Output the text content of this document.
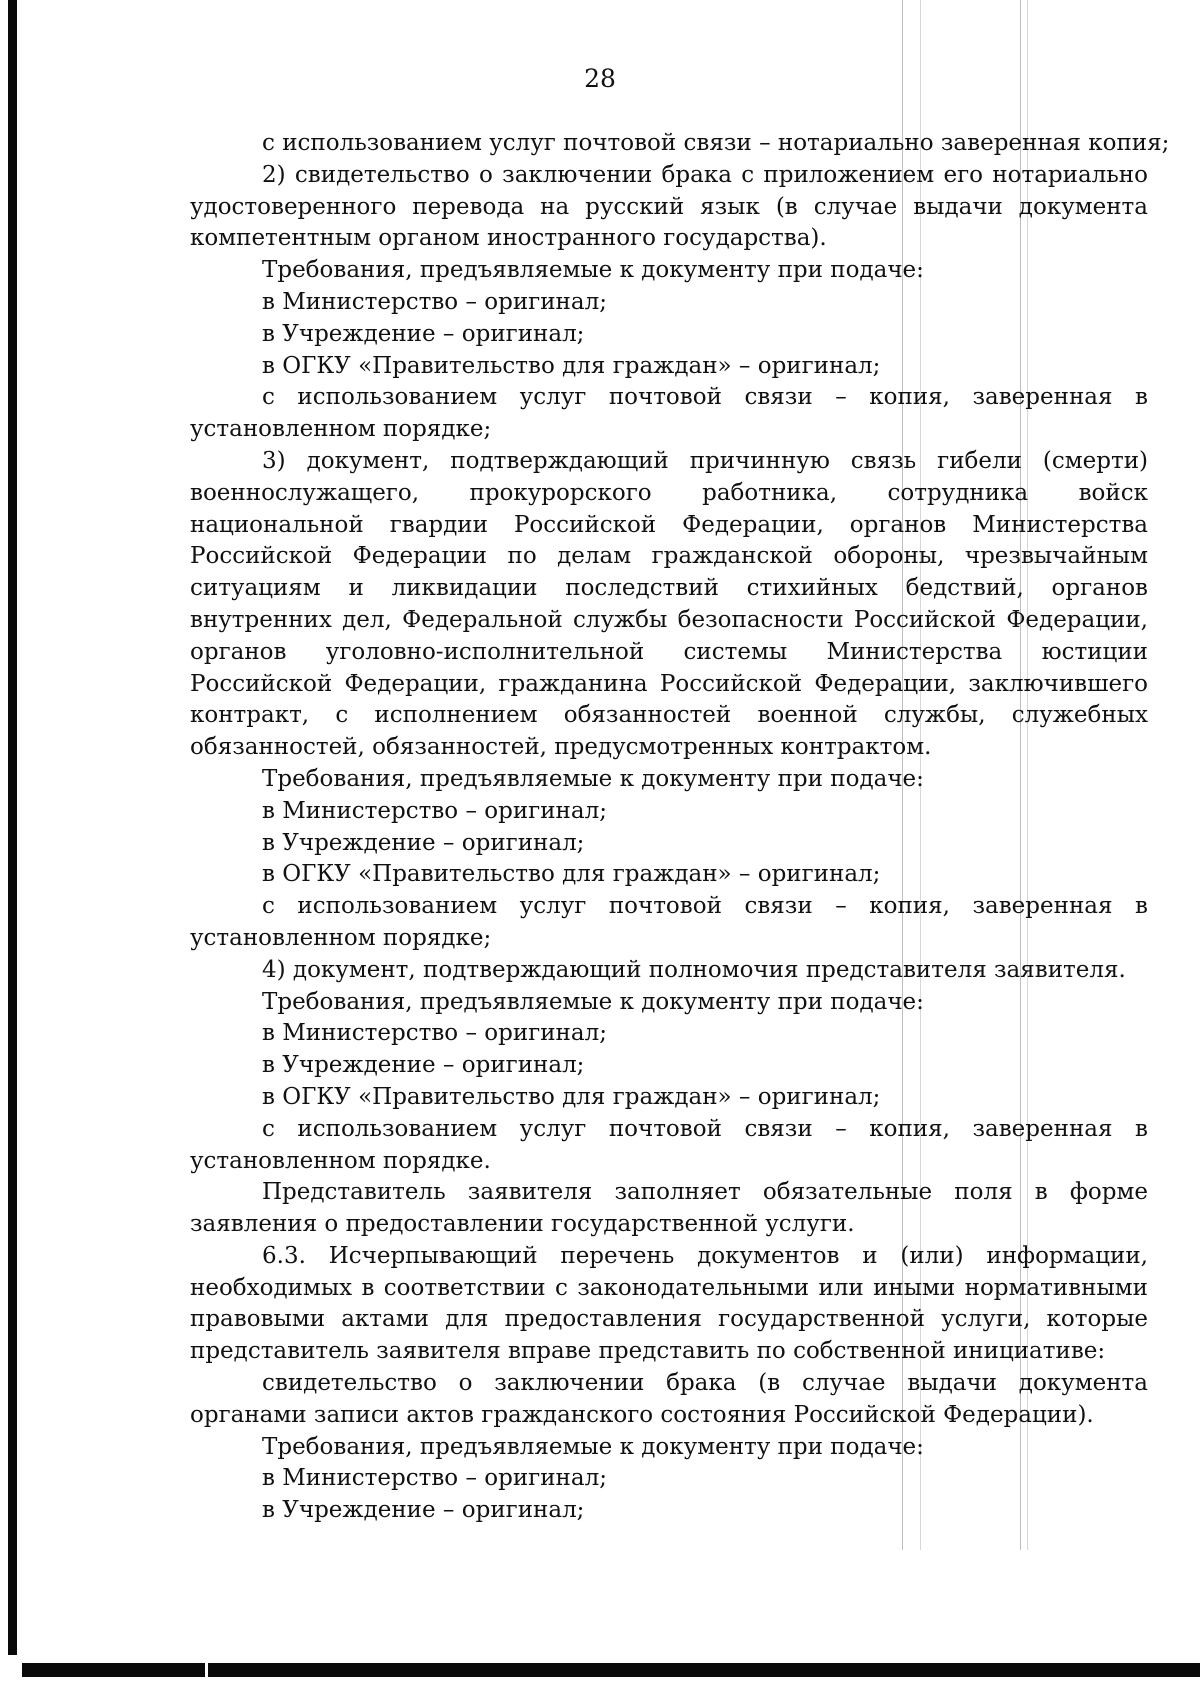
28

с использованием услуг почтовой связи – нотариально заверенная копия;

2) свидетельство о заключении брака с приложением его нотариально удостоверенного перевода на русский язык (в случае выдачи документа компетентным органом иностранного государства).

Требования, предъявляемые к документу при подаче:

в Министерство – оригинал;

в Учреждение – оригинал;

в ОГКУ «Правительство для граждан» – оригинал;

с использованием услуг почтовой связи – копия, заверенная в установленном порядке;

3) документ, подтверждающий причинную связь гибели (смерти) военнослужащего, прокурорского работника, сотрудника войск национальной гвардии Российской Федерации, органов Министерства Российской Федерации по делам гражданской обороны, чрезвычайным ситуациям и ликвидации последствий стихийных бедствий, органов внутренних дел, Федеральной службы безопасности Российской Федерации, органов уголовно-исполнительной системы Министерства юстиции Российской Федерации, гражданина Российской Федерации, заключившего контракт, с исполнением обязанностей военной службы, служебных обязанностей, обязанностей, предусмотренных контрактом.

Требования, предъявляемые к документу при подаче:

в Министерство – оригинал;

в Учреждение – оригинал;

в ОГКУ «Правительство для граждан» – оригинал;

с использованием услуг почтовой связи – копия, заверенная в установленном порядке;

4) документ, подтверждающий полномочия представителя заявителя.

Требования, предъявляемые к документу при подаче:

в Министерство – оригинал;

в Учреждение – оригинал;

в ОГКУ «Правительство для граждан» – оригинал;

с использованием услуг почтовой связи – копия, заверенная в установленном порядке.

Представитель заявителя заполняет обязательные поля в форме заявления о предоставлении государственной услуги.

6.3. Исчерпывающий перечень документов и (или) информации, необходимых в соответствии с законодательными или иными нормативными правовыми актами для предоставления государственной услуги, которые представитель заявителя вправе представить по собственной инициативе:

свидетельство о заключении брака (в случае выдачи документа органами записи актов гражданского состояния Российской Федерации).

Требования, предъявляемые к документу при подаче:

в Министерство – оригинал;

в Учреждение – оригинал;
